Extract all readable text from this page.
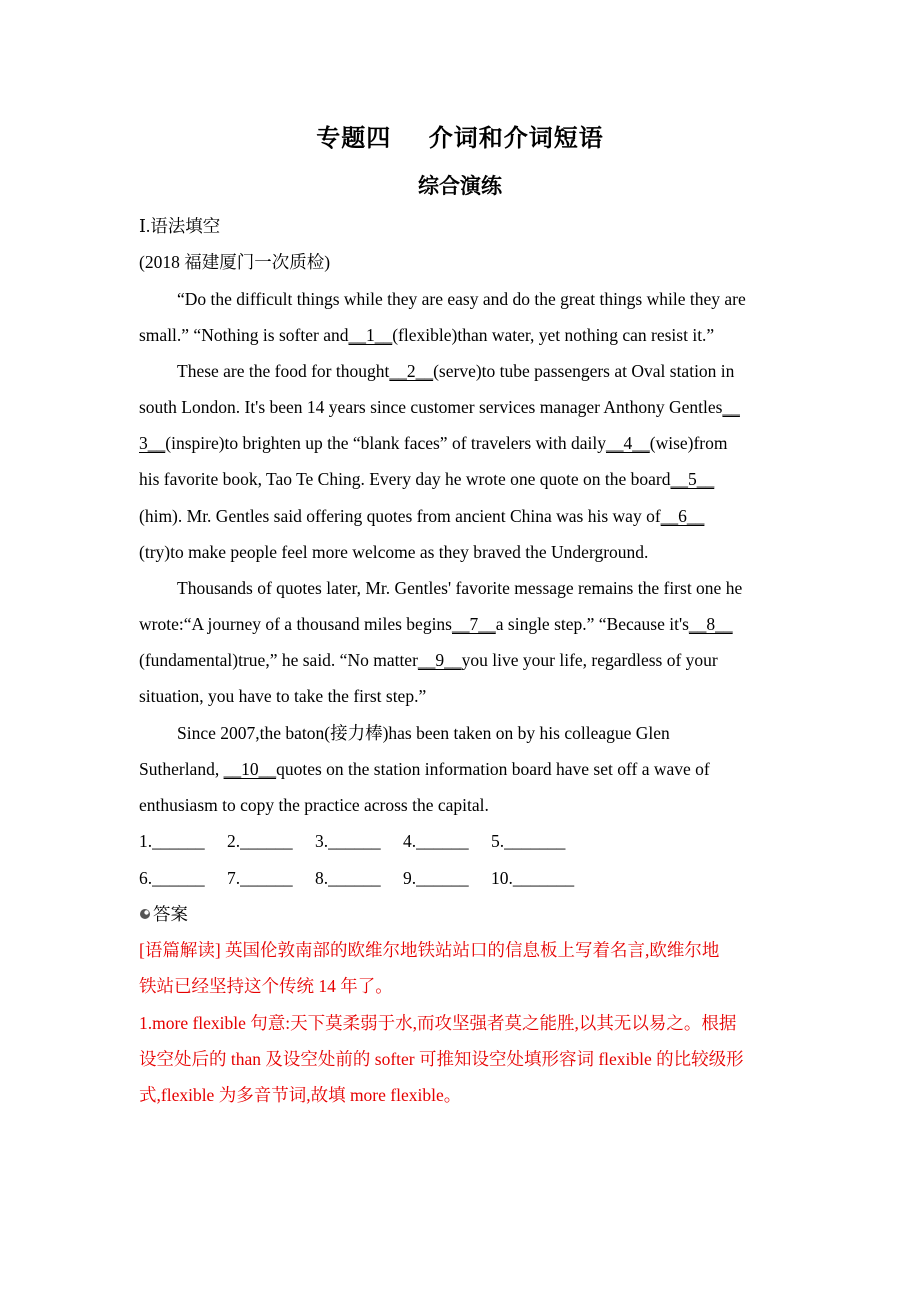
专题四    介词和介词短语
综合演练
Ⅰ.语法填空
(2018 福建厦门一次质检)
“Do the difficult things while they are easy and do the great things while they are
small.” “Nothing is softer and__1__(flexible)than water, yet nothing can resist it.”
These are the food for thought__2__(serve)to tube passengers at Oval station in
south London. It's been 14 years since customer services manager Anthony Gentles__
3__(inspire)to brighten up the “blank faces” of travelers with daily__4__(wise)from
his favorite book, Tao Te Ching. Every day he wrote one quote on the board__5__
(him). Mr. Gentles said offering quotes from ancient China was his way of__6__
(try)to make people feel more welcome as they braved the Underground.
Thousands of quotes later, Mr. Gentles' favorite message remains the first one he
wrote:“A journey of a thousand miles begins__7__a single step.” “Because it's__8__
(fundamental)true,” he said. “No matter__9__you live your life, regardless of your
situation, you have to take the first step.”
Since 2007,the baton(接力棒)has been taken on by his colleague Glen
Sutherland, __10__quotes on the station information board have set off a wave of
enthusiasm to copy the practice across the capital.
1.______ 2.______ 3.______ 4.______ 5._______
6.______ 7.______ 8.______ 9.______ 10._______
答案
[语篇解读] 英国伦敦南部的欧维尔地铁站站口的信息板上写着名言,欧维尔地
铁站已经坚持这个传统 14 年了。
1.more flexible 句意:天下莫柔弱于水,而攻坚强者莫之能胜,以其无以易之。根据
设空处后的 than 及设空处前的 softer 可推知设空处填形容词 flexible 的比较级形
式,flexible 为多音节词,故填 more flexible。
